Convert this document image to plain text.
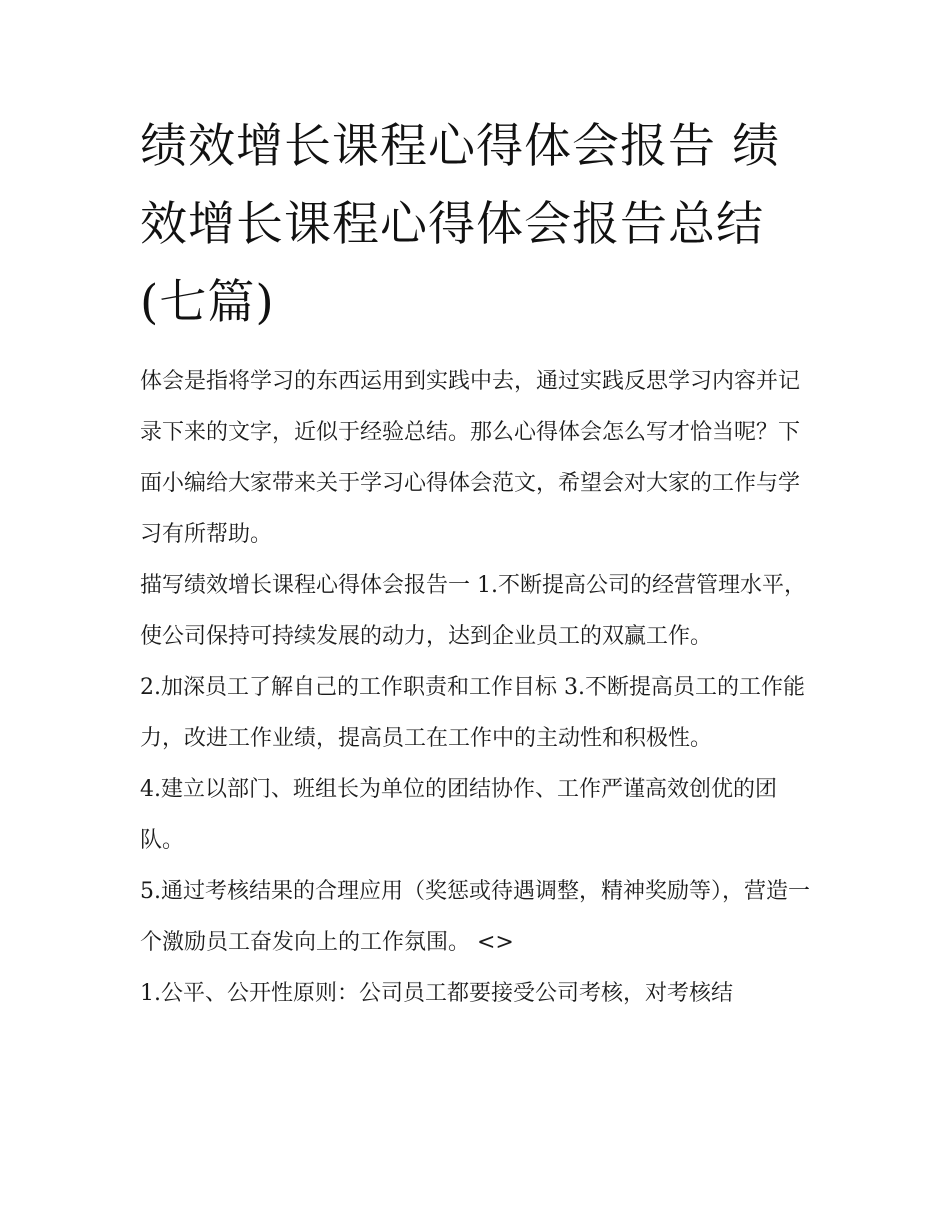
绩效增长课程心得体会报告 绩效增长课程心得体会报告总结(七篇)

体会是指将学习的东西运用到实践中去，通过实践反思学习内容并记录下来的文字，近似于经验总结。那么心得体会怎么写才恰当呢？下面小编给大家带来关于学习心得体会范文，希望会对大家的工作与学习有所帮助。

描写绩效增长课程心得体会报告一 1.不断提高公司的经营管理水平，使公司保持可持续发展的动力，达到企业员工的双赢工作。

2.加深员工了解自己的工作职责和工作目标 3.不断提高员工的工作能力，改进工作业绩，提高员工在工作中的主动性和积极性。

4.建立以部门、班组长为单位的团结协作、工作严谨高效创优的团队。

5.通过考核结果的合理应用（奖惩或待遇调整，精神奖励等），营造一个激励员工奋发向上的工作氛围。 <>

1.公平、公开性原则：公司员工都要接受公司考核，对考核结
